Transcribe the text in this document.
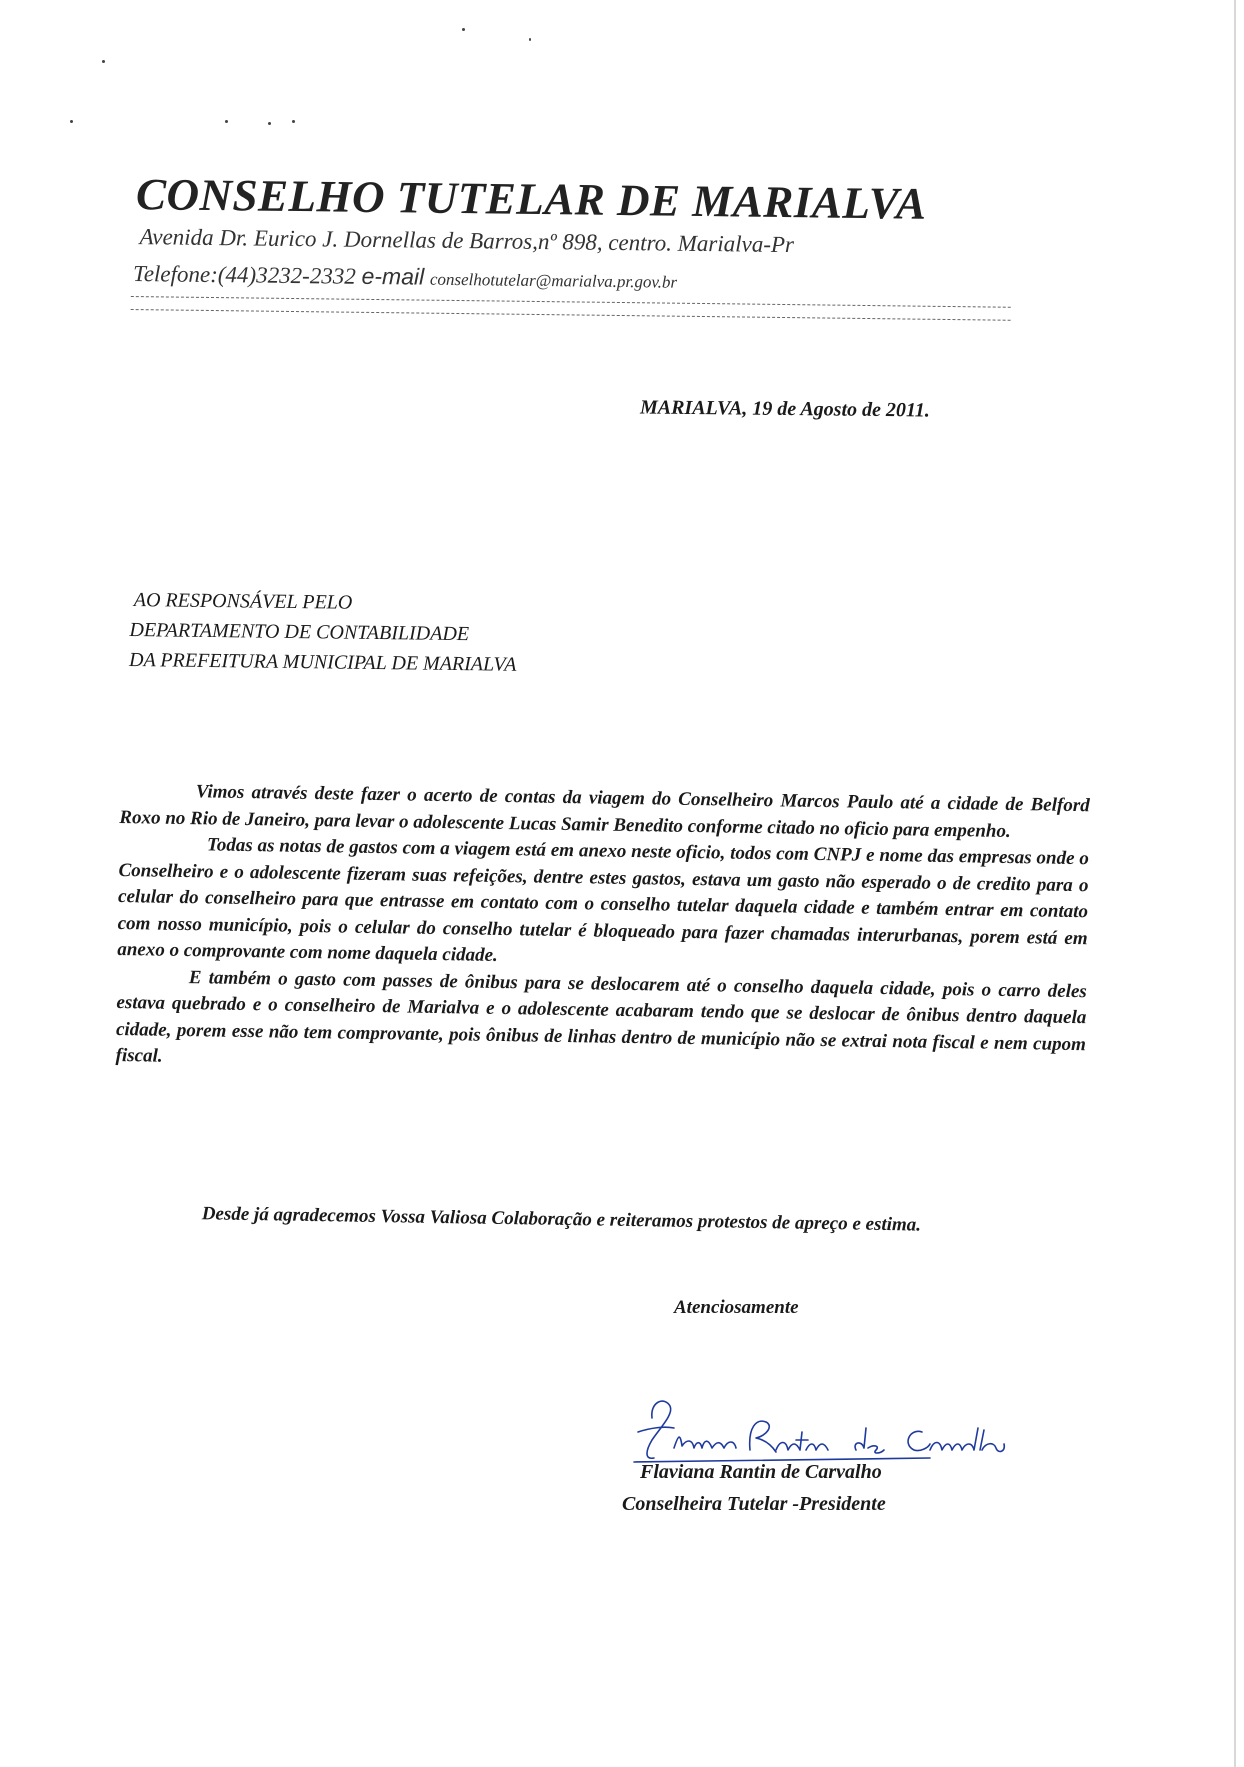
CONSELHO TUTELAR DE MARIALVA
Avenida Dr. Eurico J. Dornellas de Barros,nº 898, centro. Marialva-Pr
Telefone:(44)3232-2332 e-mail conselhotutelar@marialva.pr.gov.br
MARIALVA, 19 de Agosto de 2011.
AO RESPONSÁVEL PELO
DEPARTAMENTO DE CONTABILIDADE
DA PREFEITURA MUNICIPAL DE MARIALVA

Vimos através deste fazer o acerto de contas da viagem do Conselheiro Marcos Paulo até a cidade de Belford Roxo no Rio de Janeiro, para levar o adolescente Lucas Samir Benedito conforme citado no oficio para empenho.

Todas as notas de gastos com a viagem está em anexo neste oficio, todos com CNPJ e nome das empresas onde o Conselheiro e o adolescente fizeram suas refeições, dentre estes gastos, estava um gasto não esperado o de credito para o celular do conselheiro para que entrasse em contato com o conselho tutelar daquela cidade e também entrar em contato com nosso município, pois o celular do conselho tutelar é bloqueado para fazer chamadas interurbanas, porem está em anexo o comprovante com nome daquela cidade.

E também o gasto com passes de ônibus para se deslocarem até o conselho daquela cidade, pois o carro deles estava quebrado e o conselheiro de Marialva e o adolescente acabaram tendo que se deslocar de ônibus dentro daquela cidade, porem esse não tem comprovante, pois ônibus de linhas dentro de município não se extrai nota fiscal e nem cupom fiscal.

Desde já agradecemos Vossa Valiosa Colaboração e reiteramos protestos de apreço e estima.
Atenciosamente
Flaviana Rantin de Carvalho
Conselheira Tutelar -Presidente
